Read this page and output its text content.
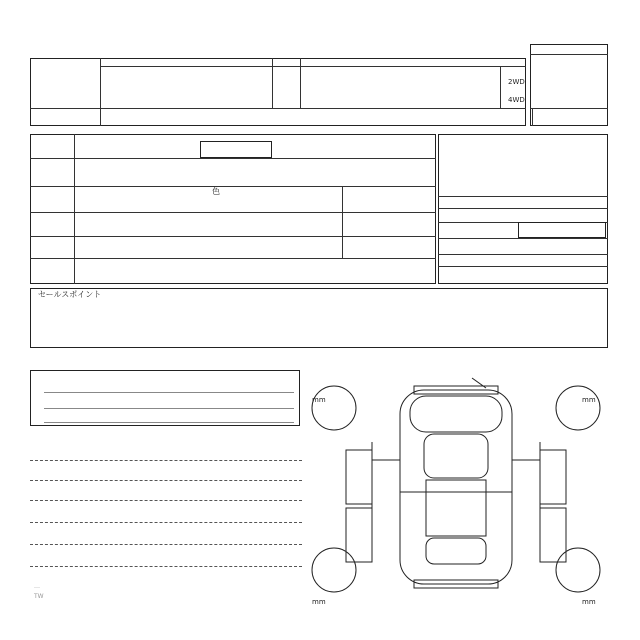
2WD
4WD
色
セールスポイント
…
TW
mm	mm
mm	mm
